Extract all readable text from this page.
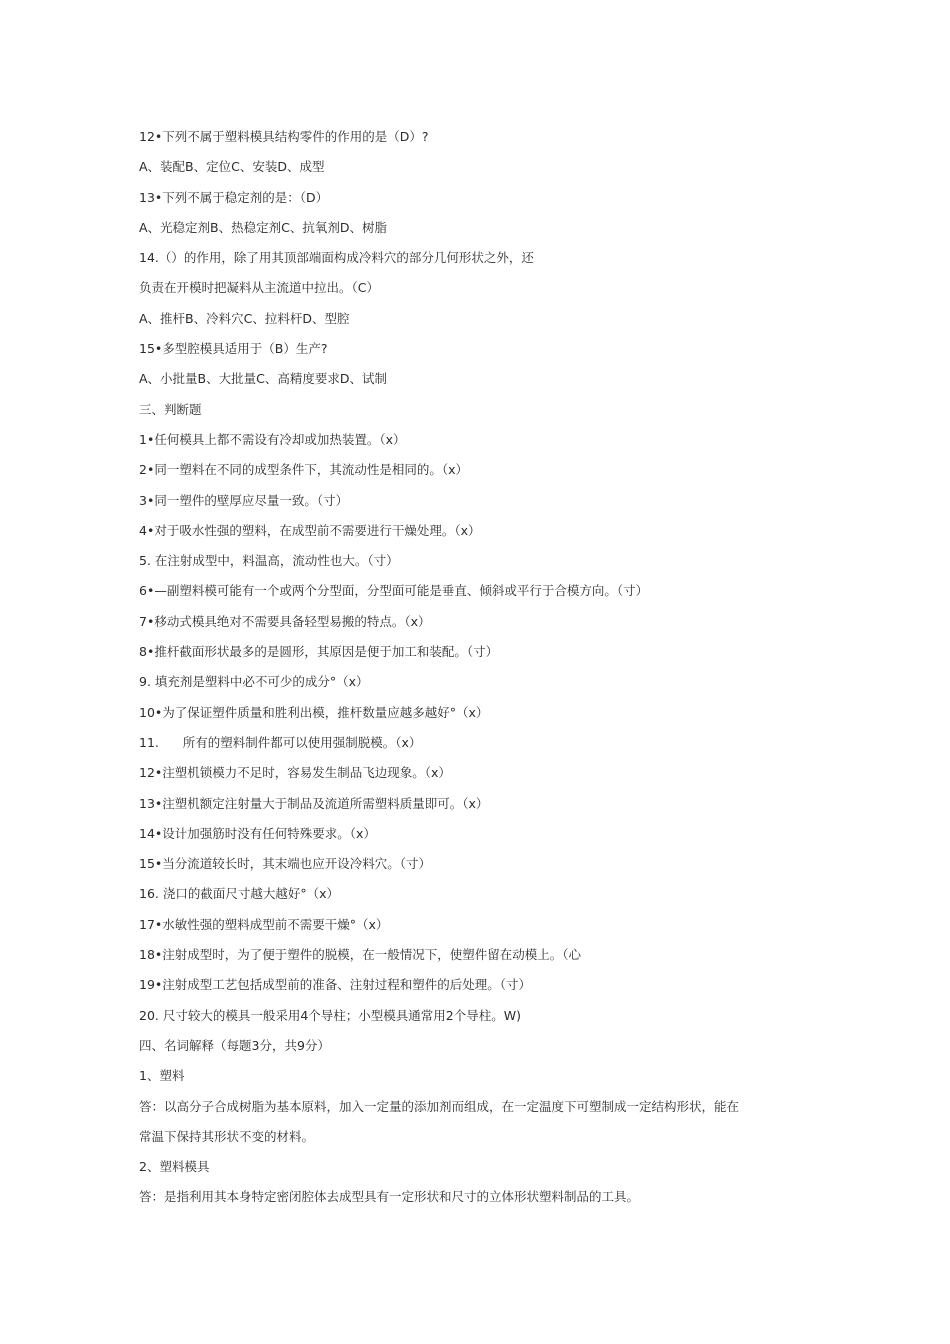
12•下列不属于塑料模具结构零件的作用的是（D）?
A、装配B、定位C、安装D、成型
13•下列不属于稳定剂的是：（D）
A、光稳定剂B、热稳定剂C、抗氧剂D、树脂
14.（）的作用，除了用其顶部端面构成冷料穴的部分几何形状之外，还
负责在开模时把凝料从主流道中拉出。（C）
A、推杆B、冷料穴C、拉料杆D、型腔
15•多型腔模具适用于（B）生产?
A、小批量B、大批量C、高精度要求D、试制
三、判断题
1•任何模具上都不需设有冷却或加热装置。（x）
2•同一塑料在不同的成型条件下，其流动性是相同的。（x）
3•同一塑件的壁厚应尽量一致。（寸）
4•对于吸水性强的塑料，在成型前不需要进行干燥处理。（x）
5. 在注射成型中，料温高，流动性也大。（寸）
6•—副塑料模可能有一个或两个分型面，分型面可能是垂直、倾斜或平行于合模方向。（寸）
7•移动式模具绝对不需要具备轻型易搬的特点。（x）
8•推杆截面形状最多的是圆形，其原因是便于加工和装配。（寸）
9. 填充剂是塑料中必不可少的成分°（x）
10•为了保证塑件质量和胜利出模，推杆数量应越多越好°（x）
11.      所有的塑料制件都可以使用强制脱模。（x）
12•注塑机锁模力不足时，容易发生制品飞边现象。（x）
13•注塑机额定注射量大于制品及流道所需塑料质量即可。（x）
14•设计加强筋时没有任何特殊要求。（x）
15•当分流道较长时，其末端也应开设冷料穴。（寸）
16. 浇口的截面尺寸越大越好°（x）
17•水敏性强的塑料成型前不需要干燥°（x）
18•注射成型时，为了便于塑件的脱模，在一般情况下，使塑件留在动模上。（心
19•注射成型工艺包括成型前的准备、注射过程和塑件的后处理。（寸）
20. 尺寸较大的模具一般采用4个导柱；小型模具通常用2个导柱。W)
四、名词解释（每题3分，共9分）
1、塑料
答：以高分子合成树脂为基本原料，加入一定量的添加剂而组成，在一定温度下可塑制成一定结构形状，能在
常温下保持其形状不变的材料。
2、塑料模具
答：是指利用其本身特定密闭腔体去成型具有一定形状和尺寸的立体形状塑料制品的工具。
